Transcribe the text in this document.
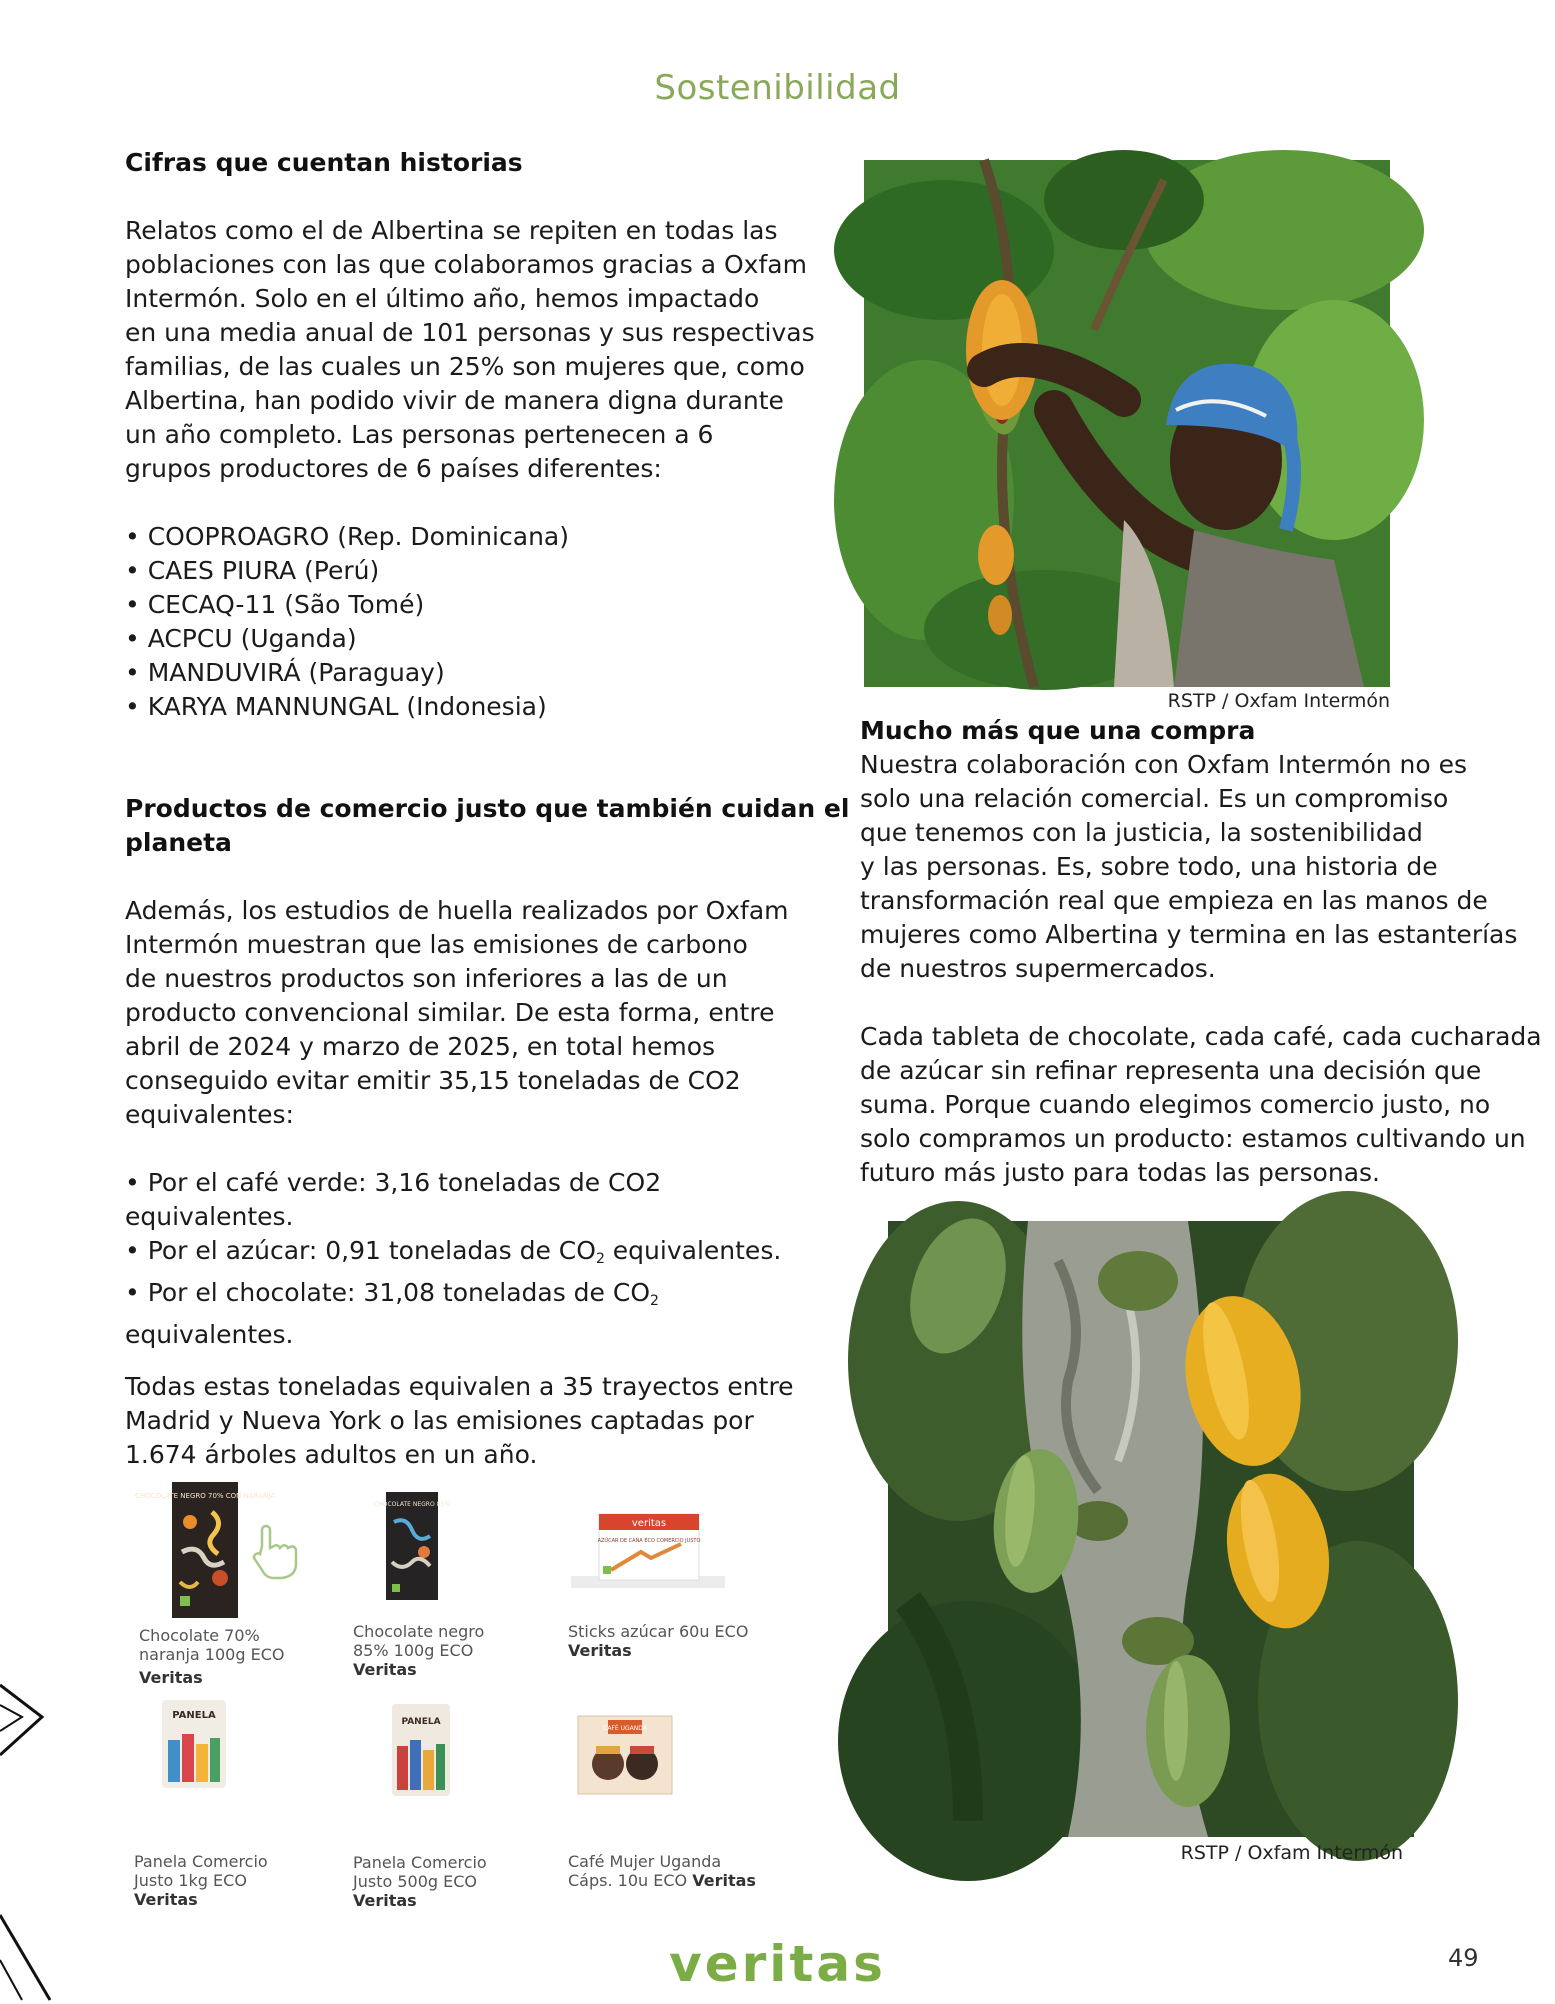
Sostenibilidad
Cifras que cuentan historias
Relatos como el de Albertina se repiten en todas las
poblaciones con las que colaboramos gracias a Oxfam
Intermón. Solo en el último año, hemos impactado
en una media anual de 101 personas y sus respectivas
familias, de las cuales un 25% son mujeres que, como
Albertina, han podido vivir de manera digna durante
un año completo. Las personas pertenecen a 6
grupos productores de 6 países diferentes:
• COOPROAGRO (Rep. Dominicana)
• CAES PIURA (Perú)
• CECAQ-11 (São Tomé)
• ACPCU (Uganda)
• MANDUVIRÁ (Paraguay)
• KARYA MANNUNGAL (Indonesia)
Productos de comercio justo que también cuidan el
planeta
Además, los estudios de huella realizados por Oxfam
Intermón muestran que las emisiones de carbono
de nuestros productos son inferiores a las de un
producto convencional similar. De esta forma, entre
abril de 2024 y marzo de 2025, en total hemos
conseguido evitar emitir 35,15 toneladas de CO2
equivalentes:
• Por el café verde: 3,16 toneladas de CO2
equivalentes.
• Por el azúcar: 0,91 toneladas de $CO_2$ equivalentes.
• Por el chocolate: 31,08 toneladas de $CO_2$
equivalentes.
Todas estas toneladas equivalen a 35 trayectos entre
Madrid y Nueva York o las emisiones captadas por
1.674 árboles adultos en un año.
CHOCOLATE NEGRO 70% CON NARANJA
Chocolate 70%
naranja 100g ECO
Veritas
CHOCOLATE NEGRO 85%
Chocolate negro
85% 100g ECO
Veritas
veritas
AZÚCAR DE CAÑA ECO COMERCIO JUSTO
Sticks azúcar 60u ECO
Veritas
PANELA
Panela Comercio
Justo 1kg ECO
Veritas
PANELA
Panela Comercio
Justo 500g ECO
Veritas
CAFÉ UGANDA
Café Mujer Uganda
Cáps. 10u ECO Veritas
RSTP / Oxfam Intermón
Mucho más que una compra
Nuestra colaboración con Oxfam Intermón no es
solo una relación comercial. Es un compromiso
que tenemos con la justicia, la sostenibilidad
y las personas. Es, sobre todo, una historia de
transformación real que empieza en las manos de
mujeres como Albertina y termina en las estanterías
de nuestros supermercados.
Cada tableta de chocolate, cada café, cada cucharada
de azúcar sin refinar representa una decisión que
suma. Porque cuando elegimos comercio justo, no
solo compramos un producto: estamos cultivando un
futuro más justo para todas las personas.
RSTP / Oxfam Intermón
veritas	49
